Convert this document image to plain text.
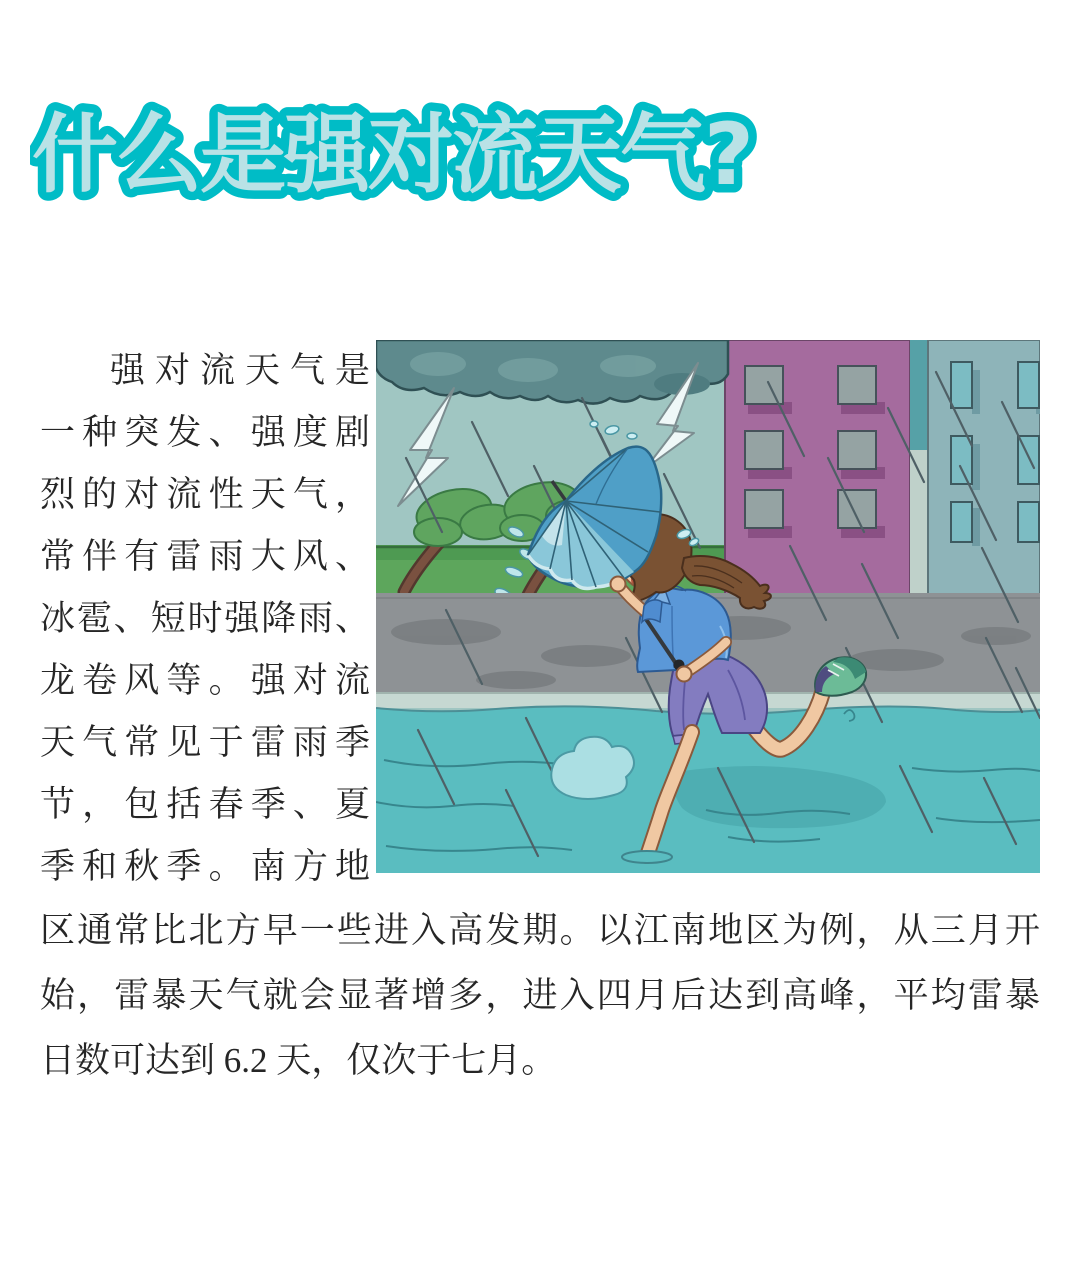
什么是强对流天气?
强对流天气是
一种突发、强度剧
烈的对流性天气，
常伴有雷雨大风、
冰雹、短时强降雨、
龙卷风等。强对流
天气常见于雷雨季
节，包括春季、夏
季和秋季。南方地
区通常比北方早一些进入高发期。以江南地区为例，从三月开
始，雷暴天气就会显著增多，进入四月后达到高峰，平均雷暴
日数可达到 6.2 天，仅次于七月。
